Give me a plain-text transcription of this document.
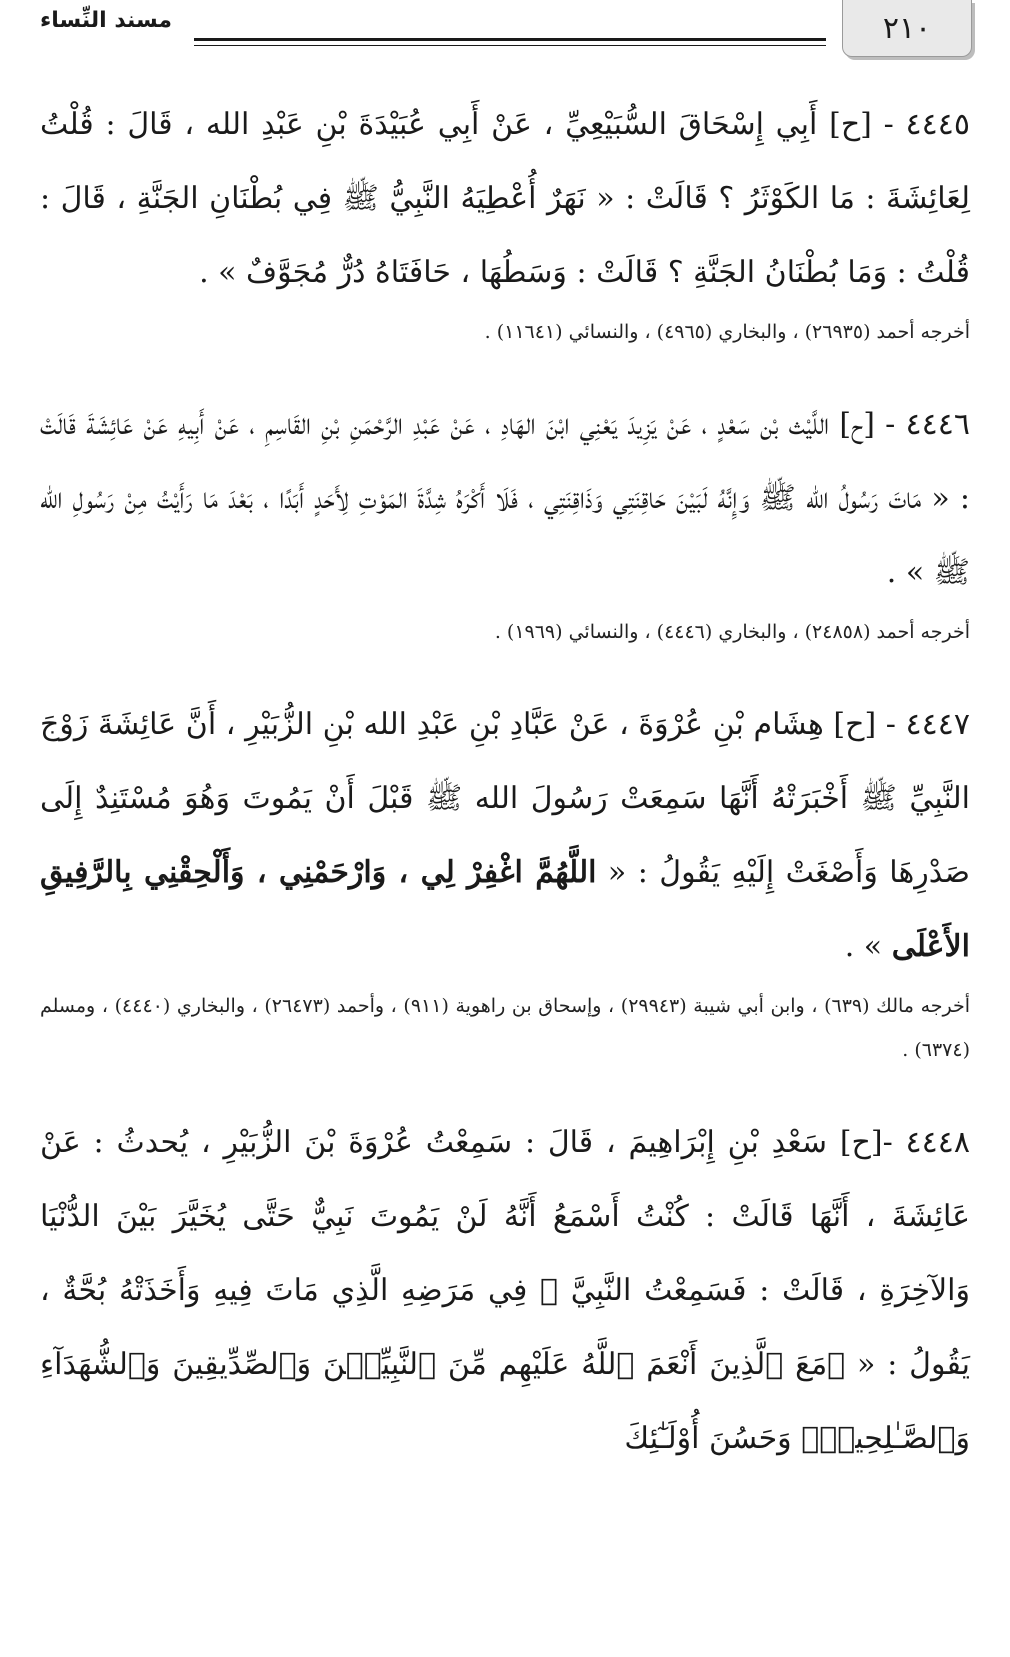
٢١٠
مسند النِّساء

٤٤٤٥ - [ح] أَبِي إِسْحَاقَ السُّبَيْعِيِّ ، عَنْ أَبِي عُبَيْدَةَ بْنِ عَبْدِ الله ، قَالَ : قُلْتُ لِعَائِشَةَ : مَا الكَوْثَرُ ؟ قَالَتْ : « نَهَرٌ أُعْطِيَهُ النَّبِيُّ ﷺ فِي بُطْنَانِ الجَنَّةِ ، قَالَ : قُلْتُ : وَمَا بُطْنَانُ الجَنَّةِ ؟ قَالَتْ : وَسَطُهَا ، حَافَتَاهُ دُرٌّ مُجَوَّفٌ » .

أخرجه أحمد (٢٦٩٣٥) ، والبخاري (٤٩٦٥) ، والنسائي (١١٦٤١) .

٤٤٤٦ - [ح] اللَّيْث بْن سَعْدٍ ، عَنْ يَزِيدَ يَعْنِي ابْنَ الهَادِ ، عَنْ عَبْدِ الرَّحْمَنِ بْنِ القَاسِمِ ، عَنْ أَبِيهِ عَنْ عَائِشَةَ قَالَتْ : « مَاتَ رَسُولُ الله ﷺ وَإِنَّهُ لَبَيْنَ حَاقِنَتِي وَذَاقِنَتِي ، فَلَا أَكْرَهُ شِدَّةَ المَوْتِ لِأَحَدٍ أَبَدًا ، بَعْدَ مَا رَأَيْتُ مِنْ رَسُولِ الله ﷺ » .

أخرجه أحمد (٢٤٨٥٨) ، والبخاري (٤٤٤٦) ، والنسائي (١٩٦٩) .

٤٤٤٧ - [ح] هِشَام بْنِ عُرْوَةَ ، عَنْ عَبَّادِ بْنِ عَبْدِ الله بْنِ الزُّبَيْرِ ، أَنَّ عَائِشَةَ زَوْجَ النَّبِيِّ ﷺ أَخْبَرَتْهُ أَنَّهَا سَمِعَتْ رَسُولَ الله ﷺ قَبْلَ أَنْ يَمُوتَ وَهُوَ مُسْتَنِدٌ إِلَى صَدْرِهَا وَأَصْغَتْ إِلَيْهِ يَقُولُ : « اللَّهُمَّ اغْفِرْ لِي ، وَارْحَمْنِي ، وَأَلْحِقْنِي بِالرَّفِيقِ الأَعْلَى » .

أخرجه مالك (٦٣٩) ، وابن أبي شيبة (٢٩٩٤٣) ، وإسحاق بن راهوية (٩١١) ، وأحمد (٢٦٤٧٣) ، والبخاري (٤٤٤٠) ، ومسلم (٦٣٧٤) .

٤٤٤٨ -[ح] سَعْدِ بْنِ إِبْرَاهِيمَ ، قَالَ : سَمِعْتُ عُرْوَةَ بْنَ الزُّبَيْرِ ، يُحدثُ : عَنْ عَائِشَةَ ، أَنَّهَا قَالَتْ : كُنْتُ أَسْمَعُ أَنَّهُ لَنْ يَمُوتَ نَبِيٌّ حَتَّى يُخَيَّرَ بَيْنَ الدُّنْيَا وَالآخِرَةِ ، قَالَتْ : فَسَمِعْتُ النَّبِيَّ ﷺ فِي مَرَضِهِ الَّذِي مَاتَ فِيهِ وَأَخَذَتْهُ بُحَّةٌ ، يَقُولُ : « ﴿مَعَ ٱلَّذِينَ أَنْعَمَ ٱللَّهُ عَلَيْهِم مِّنَ ٱلنَّبِيِّـۧنَ وَٱلصِّدِّيقِينَ وَٱلشُّهَدَآءِ وَٱلصَّـٰلِحِينَۚ وَحَسُنَ أُوْلَـٰٓئِكَ
